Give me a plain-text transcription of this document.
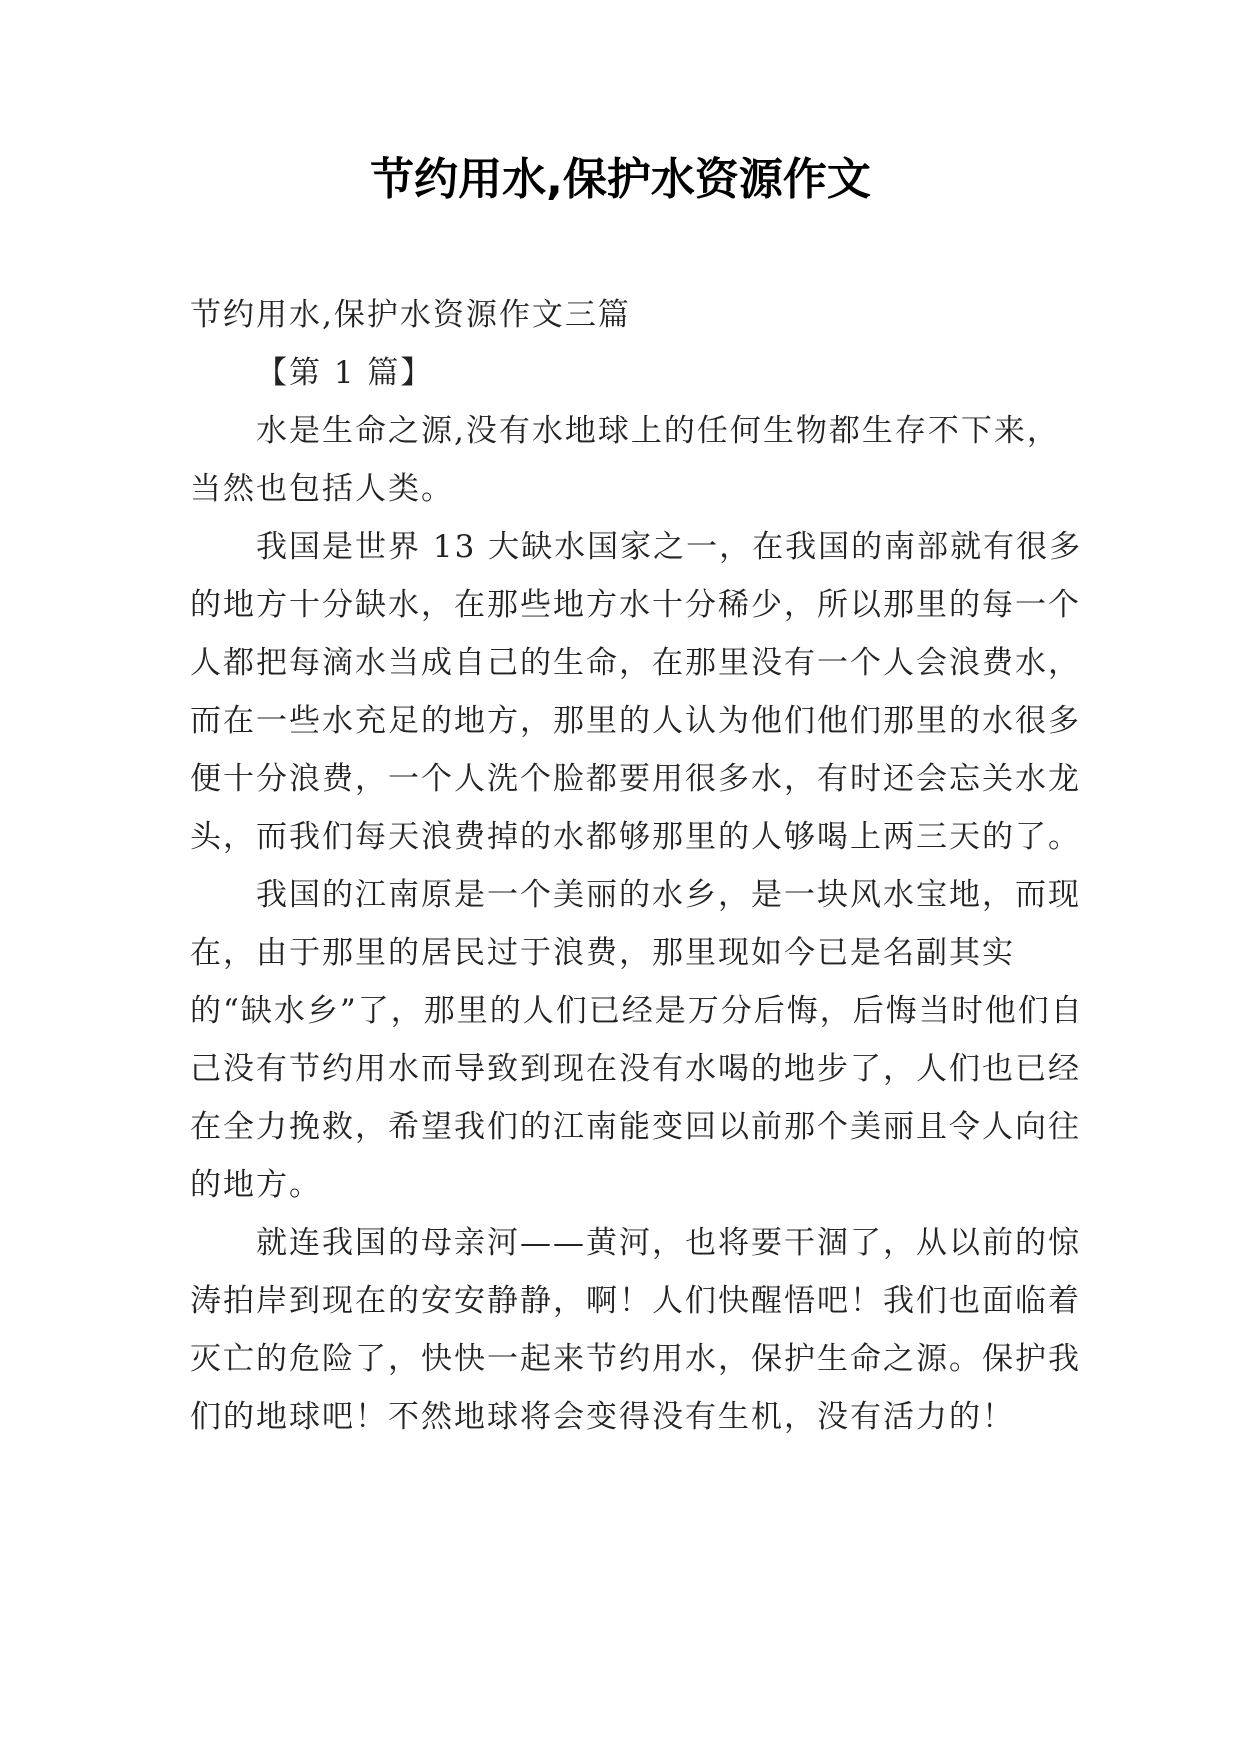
节约用水,保护水资源作文

节约用水,保护水资源作文三篇

【第 1 篇】

水是生命之源,没有水地球上的任何生物都生存不下来，当然也包括人类。

我国是世界 13 大缺水国家之一，在我国的南部就有很多的地方十分缺水，在那些地方水十分稀少，所以那里的每一个人都把每滴水当成自己的生命，在那里没有一个人会浪费水，而在一些水充足的地方，那里的人认为他们他们那里的水很多便十分浪费，一个人洗个脸都要用很多水，有时还会忘关水龙头，而我们每天浪费掉的水都够那里的人够喝上两三天的了。

我国的江南原是一个美丽的水乡，是一块风水宝地，而现在，由于那里的居民过于浪费，那里现如今已是名副其实的“缺水乡”了，那里的人们已经是万分后悔，后悔当时他们自己没有节约用水而导致到现在没有水喝的地步了，人们也已经在全力挽救，希望我们的江南能变回以前那个美丽且令人向往的地方。

就连我国的母亲河——黄河，也将要干涸了，从以前的惊涛拍岸到现在的安安静静，啊！人们快醒悟吧！我们也面临着灭亡的危险了，快快一起来节约用水，保护生命之源。保护我们的地球吧！不然地球将会变得没有生机，没有活力的！
